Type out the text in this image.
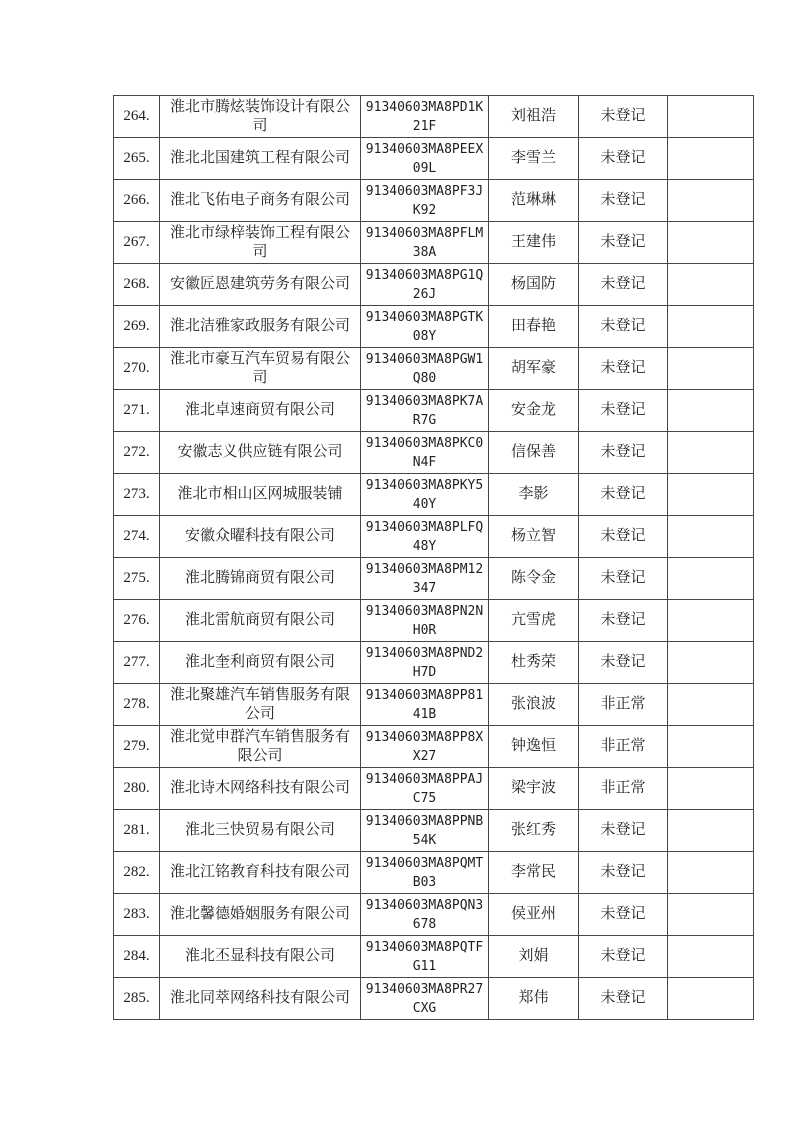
264.	淮北市腾炫装饰设计有限公司	91340603MA8PD1K21F	刘祖浩	未登记	
265.	淮北北国建筑工程有限公司	91340603MA8PEEX09L	李雪兰	未登记	
266.	淮北飞佑电子商务有限公司	91340603MA8PF3JK92	范琳琳	未登记	
267.	淮北市绿梓装饰工程有限公司	91340603MA8PFLM38A	王建伟	未登记	
268.	安徽匠恩建筑劳务有限公司	91340603MA8PG1Q26J	杨国防	未登记	
269.	淮北洁雅家政服务有限公司	91340603MA8PGTK08Y	田春艳	未登记	
270.	淮北市豪互汽车贸易有限公司	91340603MA8PGW1Q80	胡军豪	未登记	
271.	淮北卓速商贸有限公司	91340603MA8PK7AR7G	安金龙	未登记	
272.	安徽志义供应链有限公司	91340603MA8PKC0N4F	信保善	未登记	
273.	淮北市相山区网城服装铺	91340603MA8PKY540Y	李影	未登记	
274.	安徽众曜科技有限公司	91340603MA8PLFQ48Y	杨立智	未登记	
275.	淮北腾锦商贸有限公司	91340603MA8PM12347	陈令金	未登记	
276.	淮北雷航商贸有限公司	91340603MA8PN2NH0R	亢雪虎	未登记	
277.	淮北奎利商贸有限公司	91340603MA8PND2H7D	杜秀荣	未登记	
278.	淮北聚雄汽车销售服务有限公司	91340603MA8PP8141B	张浪波	非正常	
279.	淮北觉申群汽车销售服务有限公司	91340603MA8PP8XX27	钟逸恒	非正常	
280.	淮北诗木网络科技有限公司	91340603MA8PPAJC75	梁宇波	非正常	
281.	淮北三快贸易有限公司	91340603MA8PPNB54K	张红秀	未登记	
282.	淮北江铭教育科技有限公司	91340603MA8PQMTB03	李常民	未登记	
283.	淮北馨德婚姻服务有限公司	91340603MA8PQN3678	侯亚州	未登记	
284.	淮北丕显科技有限公司	91340603MA8PQTFG11	刘娟	未登记	
285.	淮北同萃网络科技有限公司	91340603MA8PR27CXG	郑伟	未登记	
